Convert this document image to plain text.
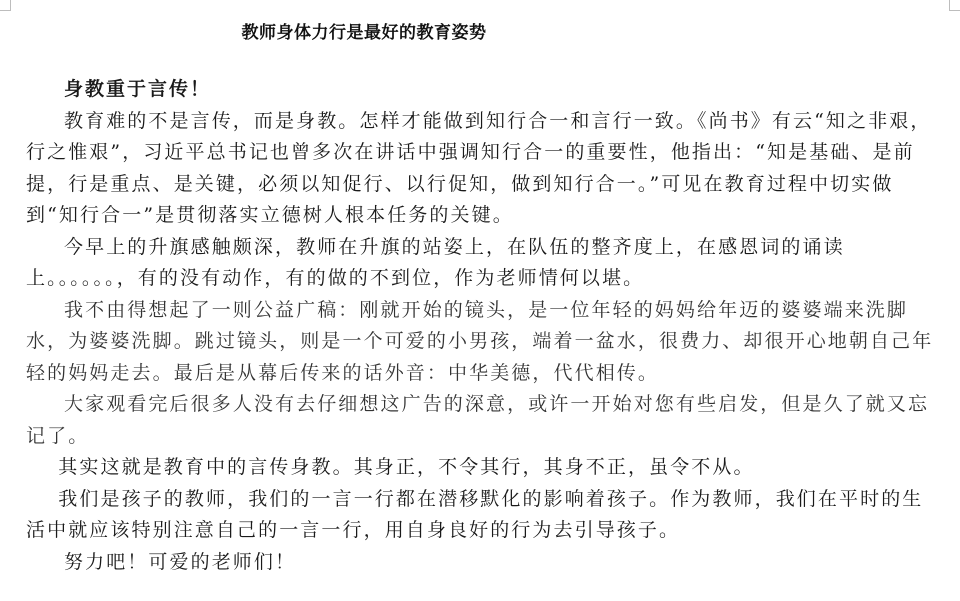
教师身体力行是最好的教育姿势

身教重于言传！

教育难的不是言传，而是身教。怎样才能做到知行合一和言行一致。《尚书》有云“知之非艰，行之惟艰”，习近平总书记也曾多次在讲话中强调知行合一的重要性，他指出：“知是基础、是前提，行是重点、是关键，必须以知促行、以行促知，做到知行合一。”可见在教育过程中切实做到“知行合一”是贯彻落实立德树人根本任务的关键。

今早上的升旗感触颇深，教师在升旗的站姿上，在队伍的整齐度上，在感恩词的诵读上。。。。。。，有的没有动作，有的做的不到位，作为老师情何以堪。

我不由得想起了一则公益广稿：刚就开始的镜头，是一位年轻的妈妈给年迈的婆婆端来洗脚水，为婆婆洗脚。跳过镜头，则是一个可爱的小男孩，端着一盆水，很费力、却很开心地朝自己年轻的妈妈走去。最后是从幕后传来的话外音：中华美德，代代相传。

大家观看完后很多人没有去仔细想这广告的深意，或许一开始对您有些启发，但是久了就又忘记了。

其实这就是教育中的言传身教。其身正，不令其行，其身不正，虽令不从。

我们是孩子的教师，我们的一言一行都在潜移默化的影响着孩子。作为教师，我们在平时的生活中就应该特别注意自己的一言一行，用自身良好的行为去引导孩子。

努力吧！可爱的老师们！
